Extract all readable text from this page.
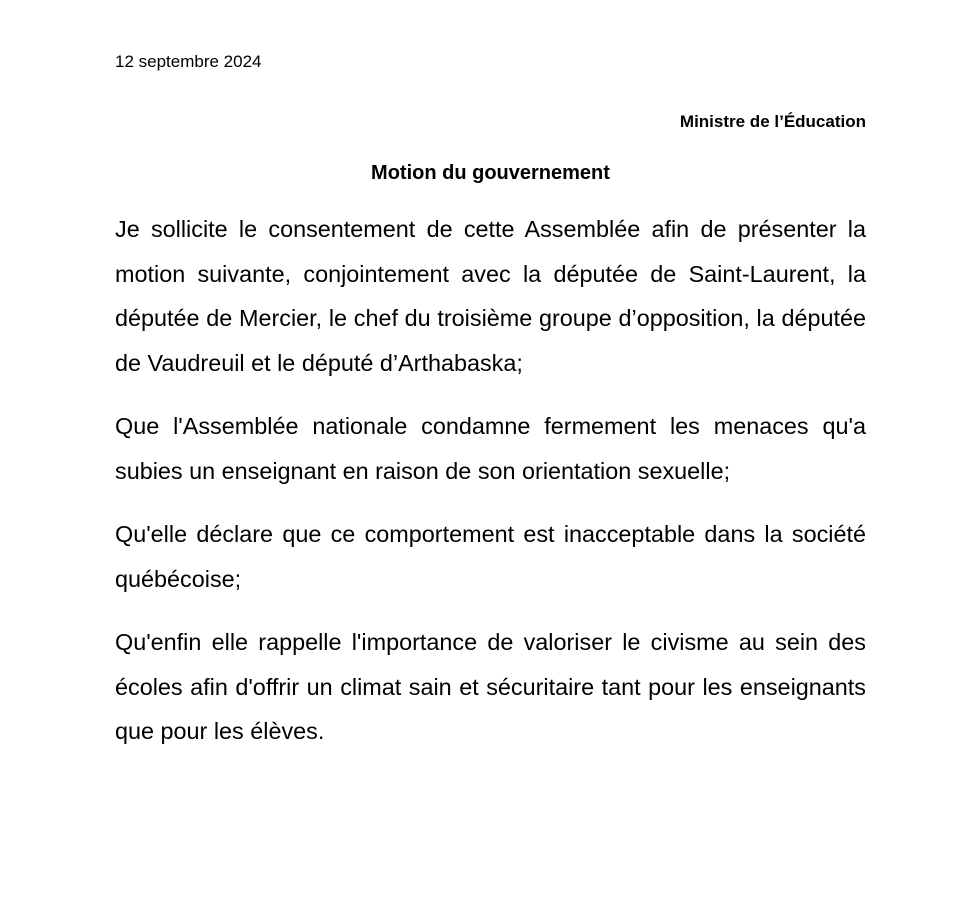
12 septembre 2024

Ministre de l’Éducation

Motion du gouvernement

Je sollicite le consentement de cette Assemblée afin de présenter la motion suivante, conjointement avec la députée de Saint-Laurent, la députée de Mercier, le chef du troisième groupe d’opposition, la députée de Vaudreuil et le député d’Arthabaska;

Que l'Assemblée nationale condamne fermement les menaces qu'a subies un enseignant en raison de son orientation sexuelle;

Qu'elle déclare que ce comportement est inacceptable dans la société québécoise;

Qu'enfin elle rappelle l'importance de valoriser le civisme au sein des écoles afin d'offrir un climat sain et sécuritaire tant pour les enseignants que pour les élèves.
